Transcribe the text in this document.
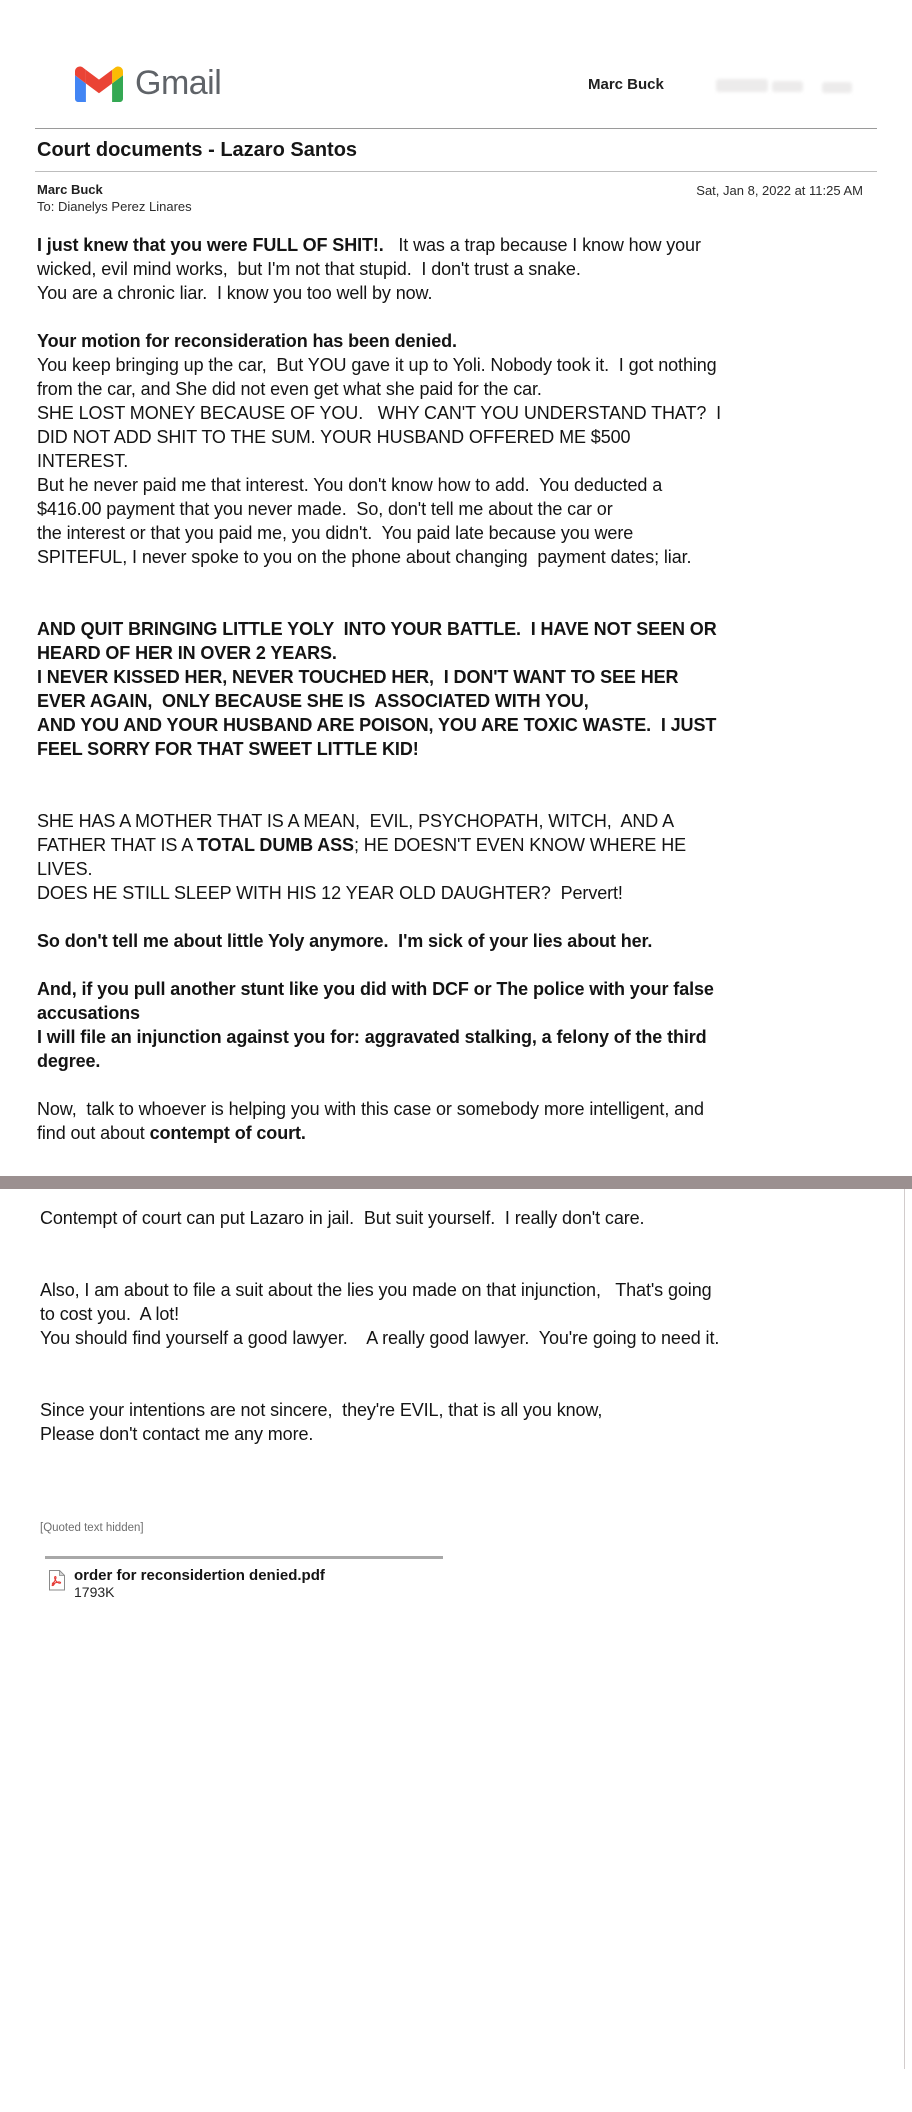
Gmail	Marc Buck
Court documents - Lazaro Santos
Marc Buck
To: Dianelys Perez Linares
Sat, Jan 8, 2022 at 11:25 AM
I just knew that you were FULL OF SHIT!.   It was a trap because I know how your
wicked, evil mind works,  but I'm not that stupid.  I don't trust a snake.
You are a chronic liar.  I know you too well by now.
Your motion for reconsideration has been denied.
You keep bringing up the car,  But YOU gave it up to Yoli. Nobody took it.  I got nothing
from the car, and She did not even get what she paid for the car.
SHE LOST MONEY BECAUSE OF YOU.   WHY CAN'T YOU UNDERSTAND THAT?  I
DID NOT ADD SHIT TO THE SUM. YOUR HUSBAND OFFERED ME $500
INTEREST.
But he never paid me that interest. You don't know how to add.  You deducted a
$416.00 payment that you never made.  So, don't tell me about the car or
the interest or that you paid me, you didn't.  You paid late because you were
SPITEFUL, I never spoke to you on the phone about changing  payment dates; liar.
AND QUIT BRINGING LITTLE YOLY  INTO YOUR BATTLE.  I HAVE NOT SEEN OR
HEARD OF HER IN OVER 2 YEARS.
I NEVER KISSED HER, NEVER TOUCHED HER,  I DON'T WANT TO SEE HER
EVER AGAIN,  ONLY BECAUSE SHE IS  ASSOCIATED WITH YOU,
AND YOU AND YOUR HUSBAND ARE POISON, YOU ARE TOXIC WASTE.  I JUST
FEEL SORRY FOR THAT SWEET LITTLE KID!
SHE HAS A MOTHER THAT IS A MEAN,  EVIL, PSYCHOPATH, WITCH,  AND A
FATHER THAT IS A TOTAL DUMB ASS; HE DOESN'T EVEN KNOW WHERE HE
LIVES.
DOES HE STILL SLEEP WITH HIS 12 YEAR OLD DAUGHTER?  Pervert!
So don't tell me about little Yoly anymore.  I'm sick of your lies about her.
And, if you pull another stunt like you did with DCF or The police with your false
accusations
I will file an injunction against you for: aggravated stalking, a felony of the third
degree.
Now,  talk to whoever is helping you with this case or somebody more intelligent, and
find out about contempt of court.
Contempt of court can put Lazaro in jail.  But suit yourself.  I really don't care.
Also, I am about to file a suit about the lies you made on that injunction,   That's going
to cost you.  A lot!
You should find yourself a good lawyer.    A really good lawyer.  You're going to need it.
Since your intentions are not sincere,  they're EVIL, that is all you know,
Please don't contact me any more.
[Quoted text hidden]
order for reconsidertion denied.pdf
1793K
